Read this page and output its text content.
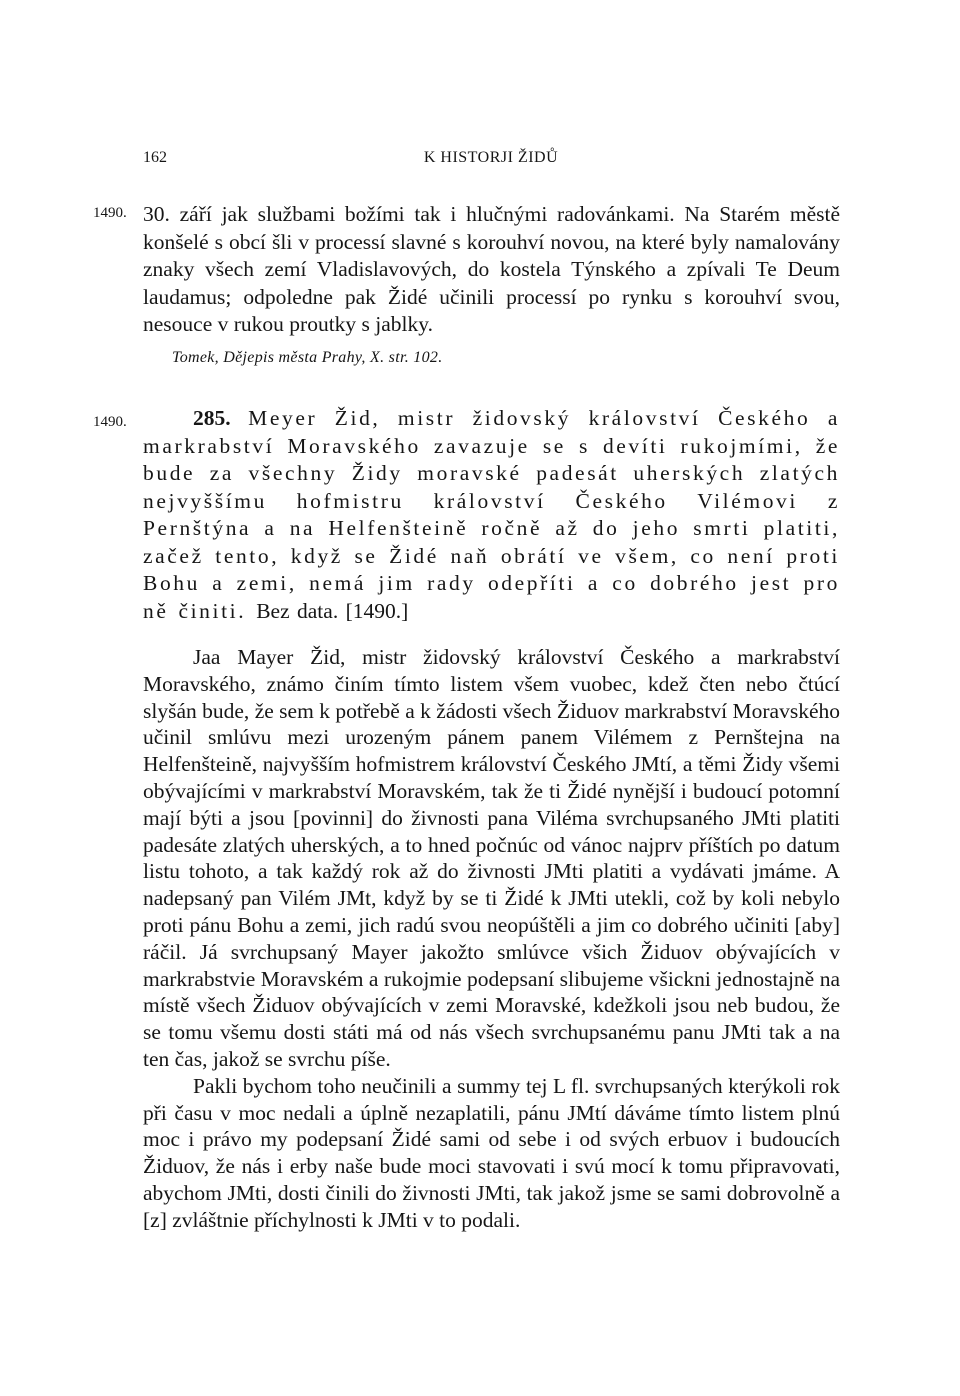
162	K HISTORJI ŽIDŮ
1490. 30. září jak službami božími tak i hlučnými radovánkami. Na Starém městě konšelé s obcí šli v processí slavné s korouhví novou, na které byly namalovány znaky všech zemí Vladislavových, do kostela Týnského a zpívali Te Deum laudamus; odpoledne pak Židé učinili processí po rynku s korouhví svou, nesouce v rukou proutky s jablky.

Tomek, Dějepis města Prahy, X. str. 102.
1490.	285. Meyer Žid, mistr židovský království Českého a markrabství Moravského zavazuje se s devíti rukojmími, že bude za všechny Židy moravské padesát uherských zlatých nejvyššímu hofmistru království Českého Vilémovi z Pernštýna a na Helfenšteině ročně až do jeho smrti platiti, začež tento, když se Židé naň obrátí ve všem, co není proti Bohu a zemi, nemá jim rady odepříti a co dobrého jest pro ně činiti. Bez data. [1490.]

Jaa Mayer Žid, mistr židovský království Českého a markrabství Moravského, známo činím tímto listem všem vuobec, kdež čten nebo čtúcí slyšán bude, že sem k potřebě a k žádosti všech Židuov markrabství Moravského učinil smlúvu mezi urozeným pánem panem Vilémem z Pernštejna na Helfenšteině, najvyšším hofmistrem království Českého JMtí, a těmi Židy všemi obývajícími v markrabství Moravském, tak že ti Židé nynější i budoucí potomní mají býti a jsou [povinni] do živnosti pana Viléma svrchupsaného JMti platiti padesáte zlatých uherských, a to hned počnúc od vánoc najprv příštích po datum listu tohoto, a tak každý rok až do živnosti JMti platiti a vydávati jmáme. A nadepsaný pan Vilém JMt, když by se ti Židé k JMti utekli, což by koli nebylo proti pánu Bohu a zemi, jich radú svou neopúštěli a jim co dobrého učiniti [aby] ráčil. Já svrchupsaný Mayer jakožto smlúvce všich Židuov obývajících v markrabstvie Moravském a rukojmie podepsaní slibujeme všickni jednostajně na místě všech Židuov obývajících v zemi Moravské, kdežkoli jsou neb budou, že se tomu všemu dosti státi má od nás všech svrchupsanému panu JMti tak a na ten čas, jakož se svrchu píše.

Pakli bychom toho neučinili a summy tej L fl. svrchupsaných kterýkoli rok při času v moc nedali a úplně nezaplatili, pánu JMtí dáváme tímto listem plnú moc i právo my podepsaní Židé sami od sebe i od svých erbuov i budoucích Židuov, že nás i erby naše bude moci stavovati i svú mocí k tomu připravovati, abychom JMti, dosti činili do živnosti JMti, tak jakož jsme se sami dobrovolně a [z] zvláštnie příchylnosti k JMti v to podali.
